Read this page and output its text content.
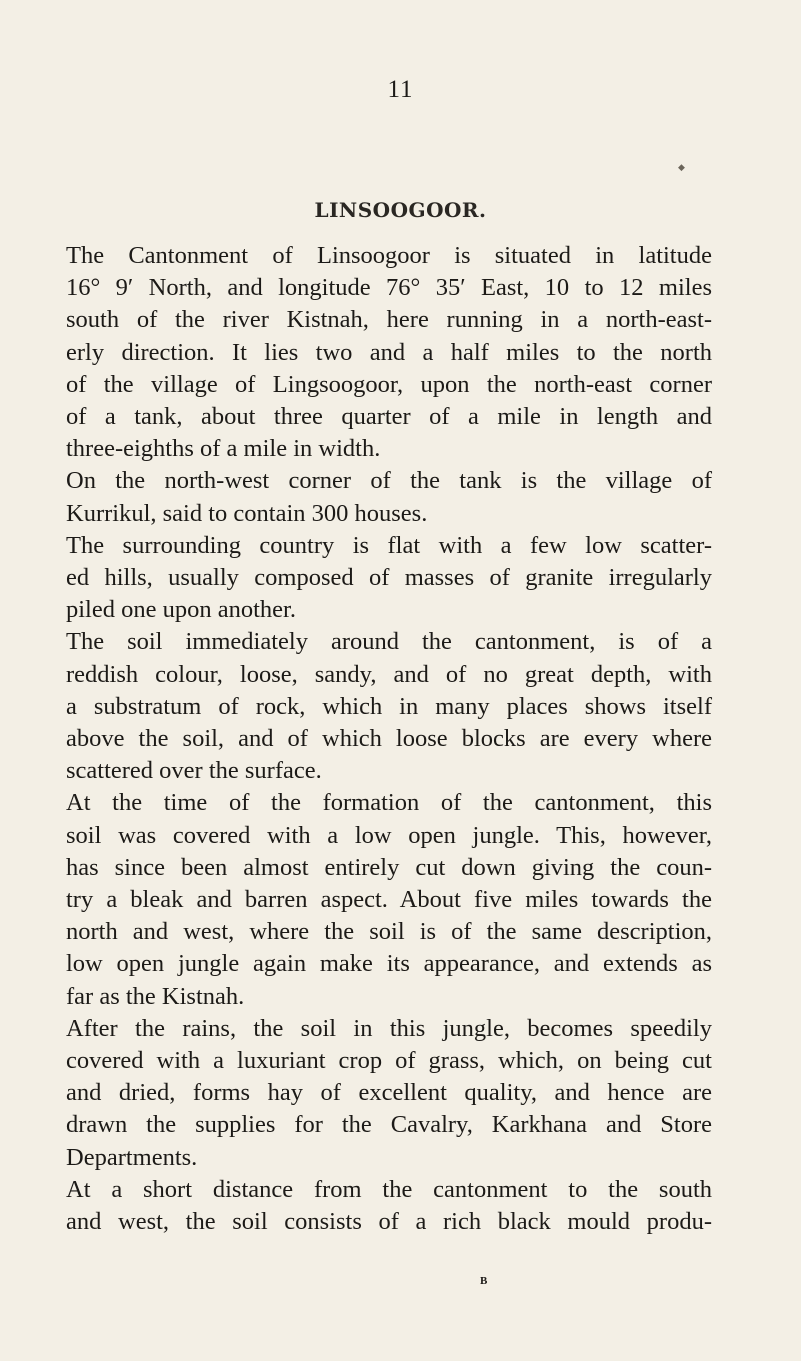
11
◆
LINSOOGOOR.
The Cantonment of Linsoogoor is situated in latitude
16° 9′ North, and longitude 76° 35′ East, 10 to 12 miles
south of the river Kistnah, here running in a north-east-
erly direction. It lies two and a half miles to the north
of the village of Lingsoogoor, upon the north-east corner
of a tank, about three quarter of a mile in length and
three-eighths of a mile in width.
On the north-west corner of the tank is the village of
Kurrikul, said to contain 300 houses.
The surrounding country is flat with a few low scatter-
ed hills, usually composed of masses of granite irregularly
piled one upon another.
The soil immediately around the cantonment, is of a
reddish colour, loose, sandy, and of no great depth, with
a substratum of rock, which in many places shows itself
above the soil, and of which loose blocks are every where
scattered over the surface.
At the time of the formation of the cantonment, this
soil was covered with a low open jungle. This, however,
has since been almost entirely cut down giving the coun-
try a bleak and barren aspect. About five miles towards the
north and west, where the soil is of the same description,
low open jungle again make its appearance, and extends as
far as the Kistnah.
After the rains, the soil in this jungle, becomes speedily
covered with a luxuriant crop of grass, which, on being cut
and dried, forms hay of excellent quality, and hence are
drawn the supplies for the Cavalry, Karkhana and Store
Departments.
At a short distance from the cantonment to the south
and west, the soil consists of a rich black mould produ-
B
